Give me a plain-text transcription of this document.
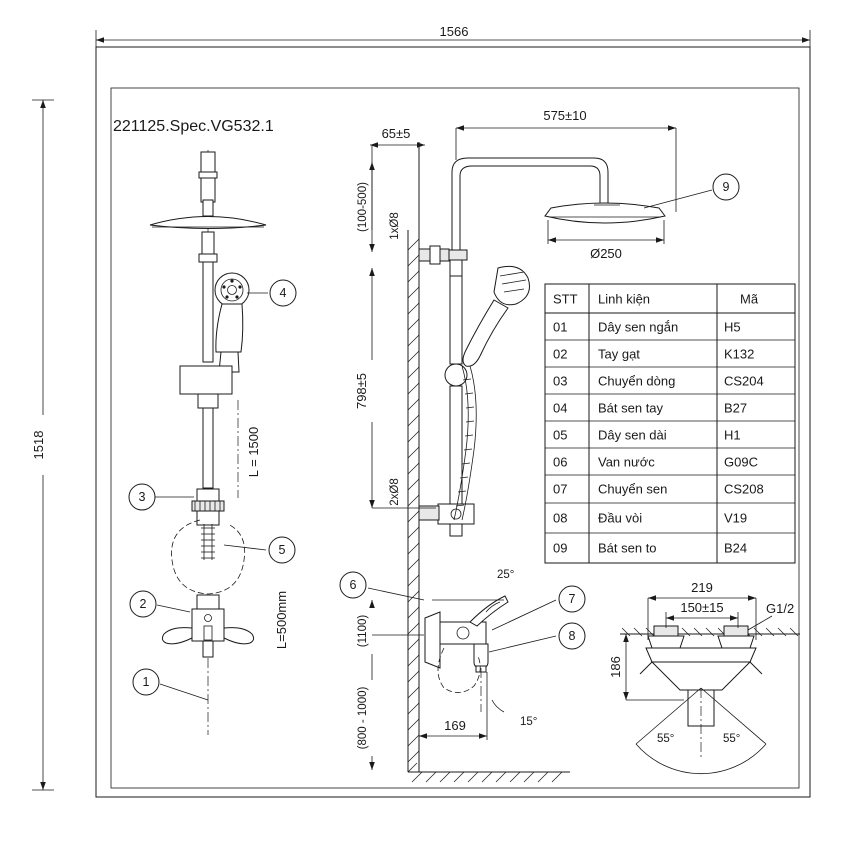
1566
1518
221125.Spec.VG532.1
L=500mm
L = 1500
4
3
5
2
1
Ø250
25°
15°
65±5
575±10
(100-500) 1xØ8
2xØ8
798±5
(1100)
(800 - 1000)	169
9
6
7
8
STT Linh kiện	Mã
01 Dây sen ngắn	H5
02 Tay gạt	K132
03 Chuyển dòng	CS204
04 Bát sen tay	B27
05 Dây sen dài	H1
06 Van nước	G09C
07 Chuyển sen	CS208
08 Đầu vòi	V19
09 Bát sen to	B24
55°	55°
219
150±15	G1/2
186
